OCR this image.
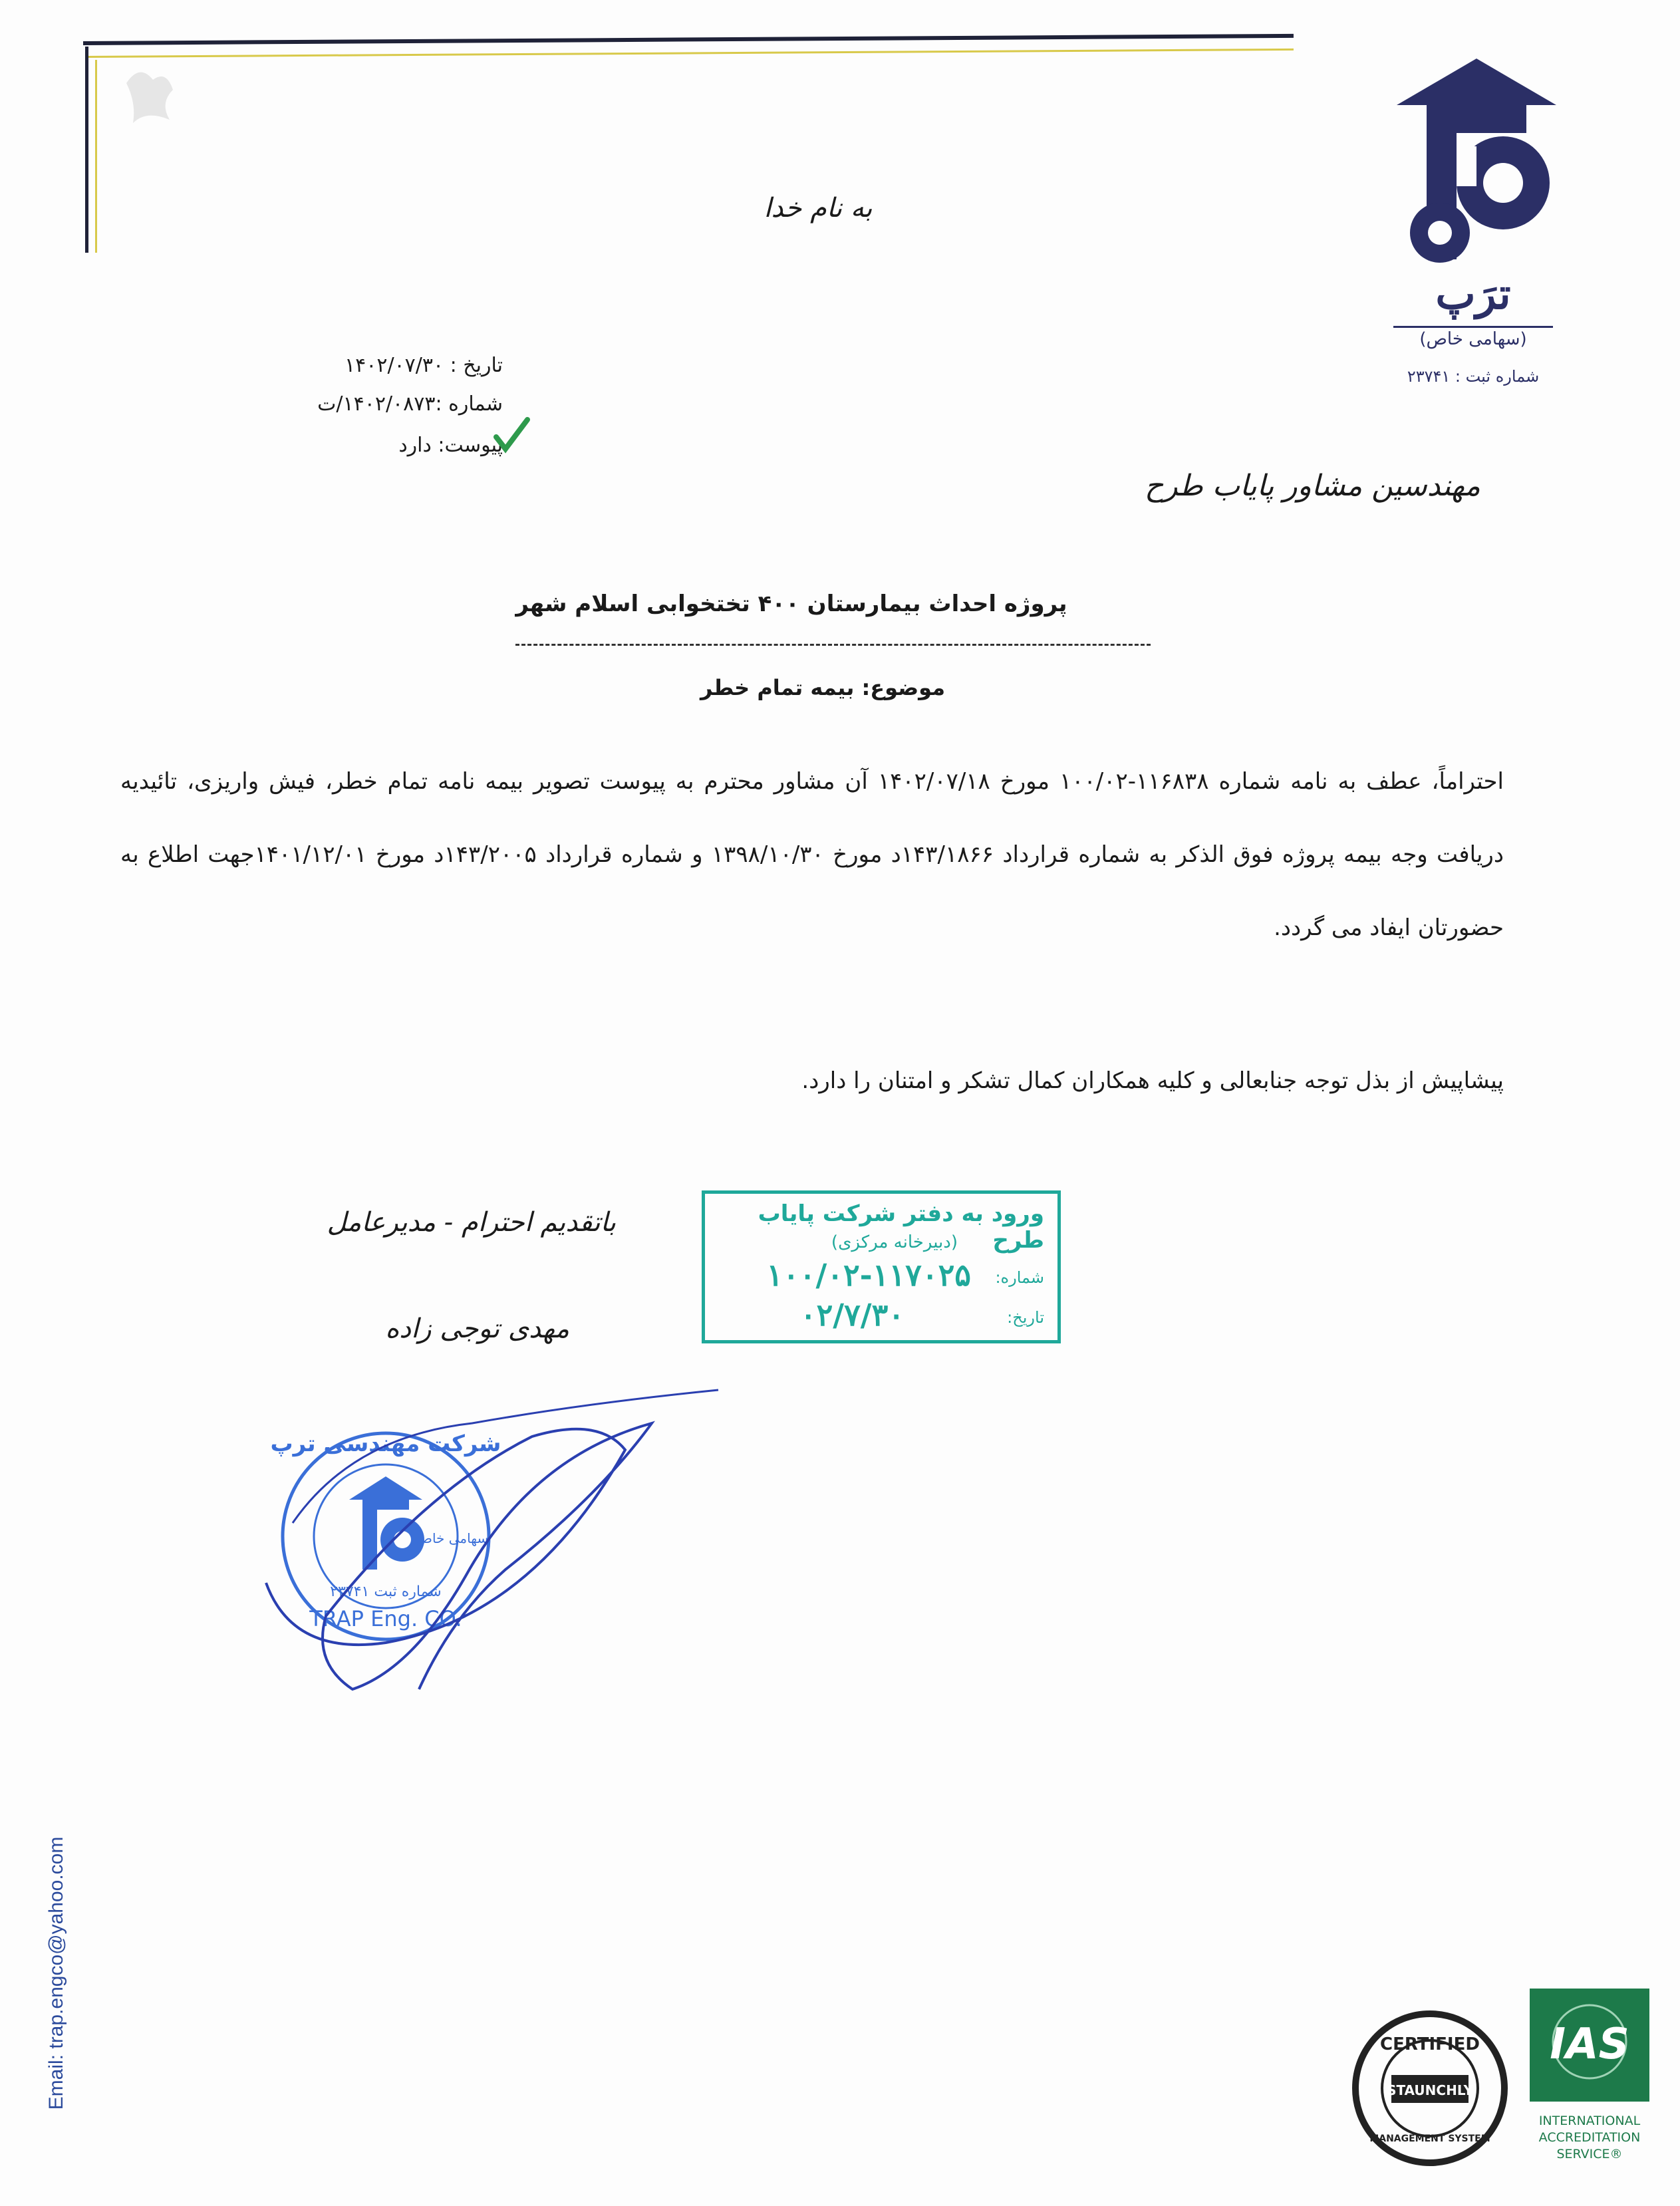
ترَپ
(سهامی خاص)
شماره ثبت : ۲۳۷۴۱
به نام خدا
تاریخ : ۱۴۰۲/۰۷/۳۰
شماره :۱۴۰۲/۰۸۷۳/ت
پیوست: دارد
مهندسین مشاور پایاب طرح
پروژه احداث بیمارستان ۴۰۰ تختخوابی اسلام شهر
موضوع: بیمه تمام خطر
احتراماً، عطف به نامه شماره ۱۱۶۸۳۸-۱۰۰/۰۲ مورخ ۱۴۰۲/۰۷/۱۸ آن مشاور محترم به پیوست تصویر بیمه نامه تمام خطر، فیش واریزی، تائیدیه دریافت وجه بیمه پروژه فوق الذکر به شماره قرارداد ۱۴۳/۱۸۶۶د مورخ ۱۳۹۸/۱۰/۳۰ و شماره قرارداد ۱۴۳/۲۰۰۵د مورخ ۱۴۰۱/۱۲/۰۱جهت اطلاع به حضورتان ایفاد می گردد.
پیشاپیش از بذل توجه جنابعالی و کلیه همکاران کمال تشکر و امتنان را دارد.
ورود به دفتر شرکت پایاب طرح
(دبیرخانه مرکزی)
شماره:
۱۰۰/۰۲-۱۱۷۰۲۵
تاریخ:
۰۲/۷/۳۰
باتقدیم احترام - مدیرعامل
مهدی توجی زاده
شرکت مهندسی ترپ
سهامی خاص
شماره ثبت ۲۳۷۴۱
TRAP Eng. CO.
Email: trap.engco@yahoo.com	CERTIFIED
STAUNCHLY
MANAGEMENT SYSTEM
IAS
INTERNATIONAL
ACCREDITATION
SERVICE®
